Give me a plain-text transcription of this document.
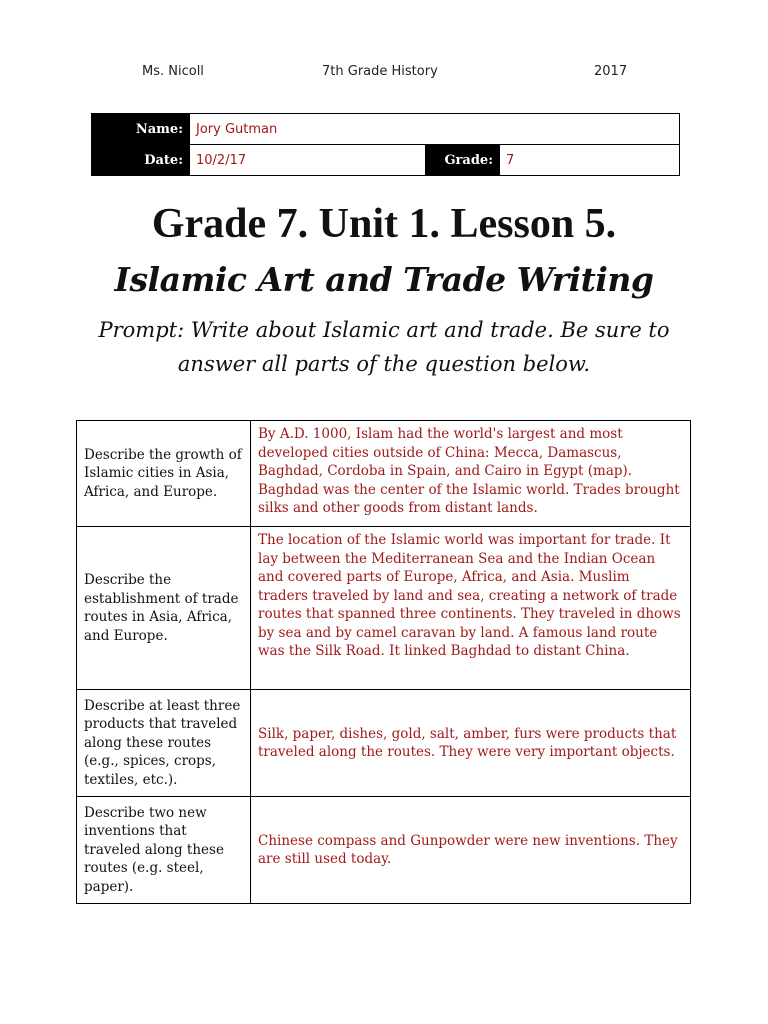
Ms. Nicoll	7th Grade History	2017
Name:	Jory Gutman		
Date:	10/2/17	Grade:	7
Grade 7. Unit 1. Lesson 5.
Islamic Art and Trade Writing

Prompt: Write about Islamic art and trade. Be sure to answer all parts of the question below.

Describe the growth of Islamic cities in Asia, Africa, and Europe.	By A.D. 1000, Islam had the world's largest and most developed cities outside of China: Mecca, Damascus, Baghdad, Cordoba in Spain, and Cairo in Egypt (map). Baghdad was the center of the Islamic world. Trades brought silks and other goods from distant lands.
Describe the establishment of trade routes in Asia, Africa, and Europe.	The location of the Islamic world was important for trade. It lay between the Mediterranean Sea and the Indian Ocean and covered parts of Europe, Africa, and Asia. Muslim traders traveled by land and sea, creating a network of trade routes that spanned three continents. They traveled in dhows by sea and by camel caravan by land. A famous land route was the Silk Road. It linked Baghdad to distant China.
Describe at least three products that traveled along these routes (e.g., spices, crops, textiles, etc.).	Silk, paper, dishes, gold, salt, amber, furs were products that traveled along the routes. They were very important objects.
Describe two new inventions that traveled along these routes (e.g. steel, paper).	Chinese compass and Gunpowder were new inventions. They are still used today.
